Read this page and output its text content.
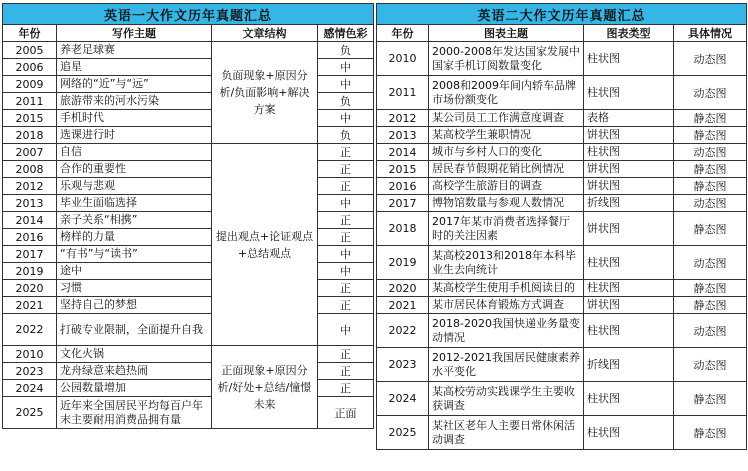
英语一大作文历年真题汇总			
年份	写作主题	文章结构	感情色彩
2005	养老足球赛	负面现象+原因分析/负面影响+解决方案	负
2006	追星		中
2009	网络的“近”与“远”		中
2011	旅游带来的河水污染		负
2015	手机时代		中
2018	选课进行时		负
2007	自信	提出观点+论证观点+总结观点	正
2008	合作的重要性		正
2012	乐观与悲观		正
2013	毕业生面临选择		中
2014	亲子关系“相携”		正
2016	榜样的力量		正
2017	“有书”与“读书”		中
2019	途中		中
2020	习惯		正
2021	坚持自己的梦想		正
2022	打破专业限制，全面提升自我		中
2010	文化火锅	正面现象+原因分析/好处+总结/憧憬未来	正
2023	龙舟绿意来趋热闹		正
2024	公园数量增加		正
2025	近年来全国居民平均每百户年末主要耐用消费品拥有量		正面
英语二大作文历年真题汇总			
年份	图表主题	图表类型	具体情况
2010	2000-2008年发达国家发展中国家手机订阅数量变化	柱状图	动态图
2011	2008和2009年间内轿车品牌市场份额变化	柱状图	动态图
2012	某公司员工工作满意度调查	表格	静态图
2013	某高校学生兼职情况	饼状图	静态图
2014	城市与乡村人口的变化	柱状图	动态图
2015	居民春节假期花销比例情况	饼状图	静态图
2016	高校学生旅游目的调查	饼状图	静态图
2017	博物馆数量与参观人数情况	折线图	动态图
2018	2017年某市消费者选择餐厅时的关注因素	饼状图	静态图
2019	某高校2013和2018年本科毕业生去向统计	柱状图	动态图
2020	某高校学生使用手机阅读目的	柱状图	静态图
2021	某市居民体育锻炼方式调查	饼状图	静态图
2022	2018-2020我国快递业务量变动情况	柱状图	动态图
2023	2012-2021我国居民健康素养水平变化	折线图	动态图
2024	某高校劳动实践课学生主要收获调查	柱状图	静态图
2025	某社区老年人主要日常休闲活动调查	柱状图	静态图
